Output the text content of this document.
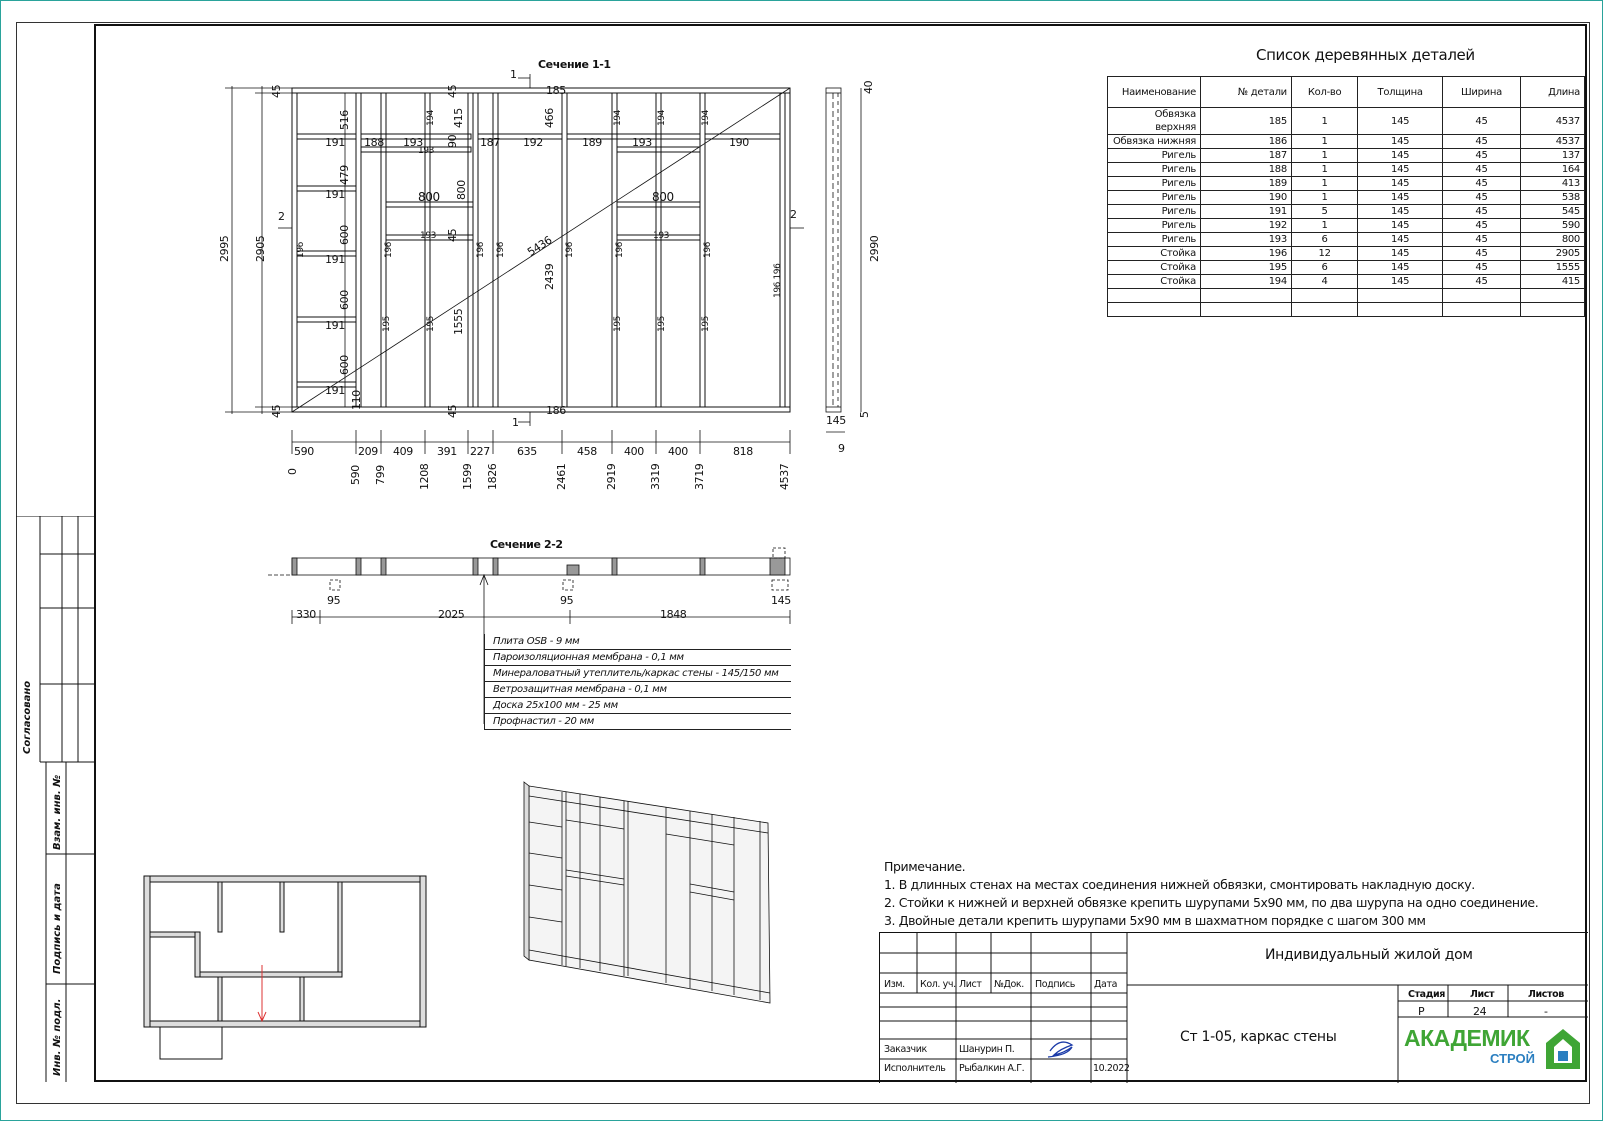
Сечение 1-1
1
1
Сечение 2-2
185
186
191
191
191
191
191
188 193
193
187 192	189	193	190
800	800
193	193
590	209 409 391 227 635	458 400 400	818
0	590 799	1208	1599 1826	2461	2919	3319	3719	4537
2995 2905
45
45
516
479
600
600
600
110
2
2990
40
5
145
9
2
196	196	196 196	196	196	196
195	195	195	195	195
194	194	194	194
415	466
90
800
45
45
45
1555
2439
5436
196 196
330	2025	1848
95	95	145
Плита OSB - 9 мм
Пароизоляционная мембрана - 0,1 мм
Минераловатный утеплитель/каркас стены - 145/150 мм
Ветрозащитная мембрана - 0,1 мм
Доска 25х100 мм - 25 мм
Профнастил - 20 мм
Список деревянных деталей
Наименование	№ детали	Кол-во	Толщина	Ширина	Длина
Обвязка верхняя	185	1	145	45	4537
Обвязка нижняя	186	1	145	45	4537
Ригель	187	1	145	45	137
Ригель	188	1	145	45	164
Ригель	189	1	145	45	413
Ригель	190	1	145	45	538
Ригель	191	5	145	45	545
Ригель	192	1	145	45	590
Ригель	193	6	145	45	800
Стойка	196	12	145	45	2905
Стойка	195	6	145	45	1555
Стойка	194	4	145	45	415

Примечание.
1. В длинных стенах на местах соединения нижней обвязки, смонтировать накладную доску.
2. Стойки к нижней и верхней обвязке крепить шурупами 5х90 мм, по два шурупа на одно соединение.
3. Двойные детали крепить шурупами 5х90 мм в шахматном порядке с шагом 300 мм
Согласовано
Взам. инв. №
Подпись и дата
Инв. № подл.
Изм. Кол. уч. Лист №Док. Подпись Дата
Заказчик	Шанурин П.
Исполнитель Рыбалкин А.Г.	10.2022
Индивидуальный жилой дом
Ст 1-05, каркас стены
Стадия	Лист	Листов
Р	24	-
АКАДЕМИК
СТРОЙ
